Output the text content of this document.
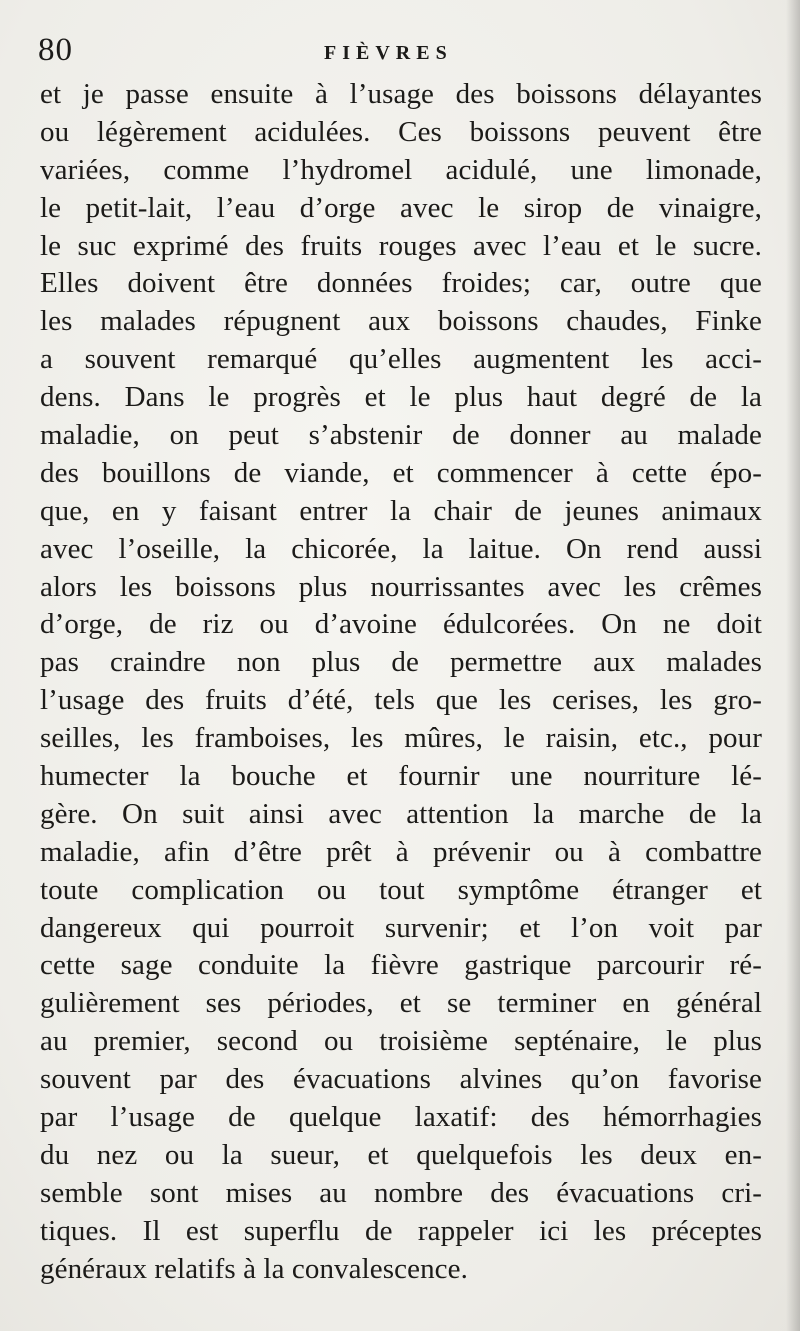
80	FIÈVRES
et je passe ensuite à l’usage des boissons délayantes
ou légèrement acidulées. Ces boissons peuvent être
variées, comme l’hydromel acidulé, une limonade,
le petit-lait, l’eau d’orge avec le sirop de vinaigre,
le suc exprimé des fruits rouges avec l’eau et le sucre.
Elles doivent être données froides; car, outre que
les malades répugnent aux boissons chaudes, Finke
a souvent remarqué qu’elles augmentent les acci-
dens. Dans le progrès et le plus haut degré de la
maladie, on peut s’abstenir de donner au malade
des bouillons de viande, et commencer à cette épo-
que, en y faisant entrer la chair de jeunes animaux
avec l’oseille, la chicorée, la laitue. On rend aussi
alors les boissons plus nourrissantes avec les crêmes
d’orge, de riz ou d’avoine édulcorées. On ne doit
pas craindre non plus de permettre aux malades
l’usage des fruits d’été, tels que les cerises, les gro-
seilles, les framboises, les mûres, le raisin, etc., pour
humecter la bouche et fournir une nourriture lé-
gère. On suit ainsi avec attention la marche de la
maladie, afin d’être prêt à prévenir ou à combattre
toute complication ou tout symptôme étranger et
dangereux qui pourroit survenir; et l’on voit par
cette sage conduite la fièvre gastrique parcourir ré-
gulièrement ses périodes, et se terminer en général
au premier, second ou troisième septénaire, le plus
souvent par des évacuations alvines qu’on favorise
par l’usage de quelque laxatif: des hémorrhagies
du nez ou la sueur, et quelquefois les deux en-
semble sont mises au nombre des évacuations cri-
tiques. Il est superflu de rappeler ici les préceptes
généraux relatifs à la convalescence.
